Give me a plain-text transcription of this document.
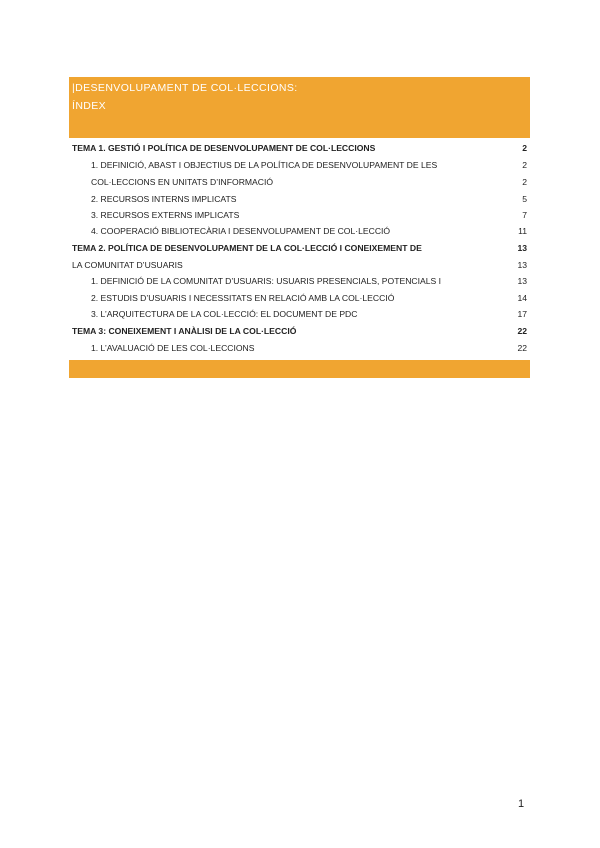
|DESENVOLUPAMENT DE COL·LECCIONS:
ÍNDEX
TEMA 1. GESTIÓ I POLÍTICA DE DESENVOLUPAMENT DE COL·LECCIONS	2
1. DEFINICIÓ, ABAST I OBJECTIUS DE LA POLÍTICA DE DESENVOLUPAMENT DE LES	2
COL·LECCIONS EN UNITATS D’INFORMACIÓ	2
2. RECURSOS INTERNS IMPLICATS	5
3. RECURSOS EXTERNS IMPLICATS	7
4. COOPERACIÓ BIBLIOTECÀRIA I DESENVOLUPAMENT DE COL·LECCIÓ	11
TEMA 2. POLÍTICA DE DESENVOLUPAMENT DE LA COL·LECCIÓ I CONEIXEMENT DE	13
LA COMUNITAT D’USUARIS	13
1. DEFINICIÓ DE LA COMUNITAT D’USUARIS: USUARIS PRESENCIALS, POTENCIALS I	13
2. ESTUDIS D’USUARIS I NECESSITATS EN RELACIÓ AMB LA COL·LECCIÓ	14
3. L’ARQUITECTURA DE LA COL·LECCIÓ: EL DOCUMENT DE PDC	17
TEMA 3: CONEIXEMENT I ANÀLISI DE LA COL·LECCIÓ	22
1. L’AVALUACIÓ DE LES COL·LECCIONS	22
1
